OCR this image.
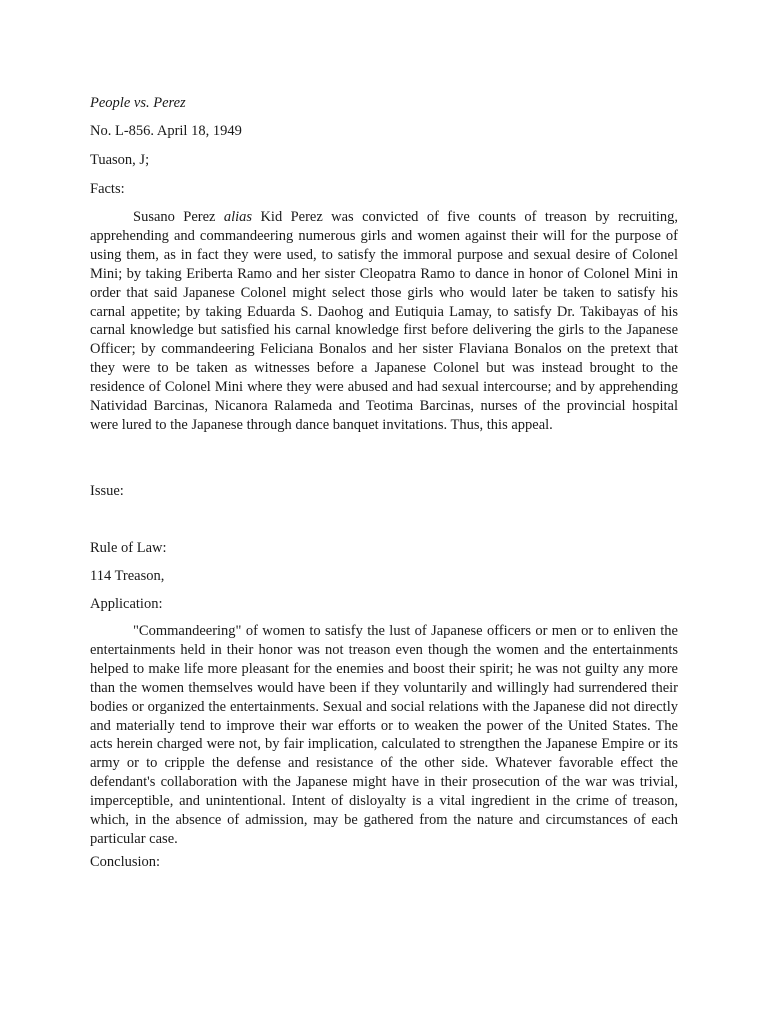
People vs. Perez
No. L-856. April 18, 1949
Tuason, J;
Facts:

Susano Perez alias Kid Perez was convicted of five counts of treason by recruiting, apprehending and commandeering numerous girls and women against their will for the purpose of using them, as in fact they were used, to satisfy the immoral purpose and sexual desire of Colonel Mini; by taking Eriberta Ramo and her sister Cleopatra Ramo to dance in honor of Colonel Mini in order that said Japanese Colonel might select those girls who would later be taken to satisfy his carnal appetite; by taking Eduarda S. Daohog and Eutiquia Lamay, to satisfy Dr. Takibayas of his carnal knowledge but satisfied his carnal knowledge first before delivering the girls to the Japanese Officer; by commandeering Feliciana Bonalos and her sister Flaviana Bonalos on the pretext that they were to be taken as witnesses before a Japanese Colonel but was instead brought to the residence of Colonel Mini where they were abused and had sexual intercourse; and by apprehending Natividad Barcinas, Nicanora Ralameda and Teotima Barcinas, nurses of the provincial hospital were lured to the Japanese through dance banquet invitations. Thus, this appeal.

Issue:
Rule of Law:
114 Treason,
Application:

"Commandeering" of women to satisfy the lust of Japanese officers or men or to enliven the entertainments held in their honor was not treason even though the women and the entertainments helped to make life more pleasant for the enemies and boost their spirit; he was not guilty any more than the women themselves would have been if they voluntarily and willingly had surrendered their bodies or organized the entertainments. Sexual and social relations with the Japanese did not directly and materially tend to improve their war efforts or to weaken the power of the United States. The acts herein charged were not, by fair implication, calculated to strengthen the Japanese Empire or its army or to cripple the defense and resistance of the other side. Whatever favorable effect the defendant's collaboration with the Japanese might have in their prosecution of the war was trivial, imperceptible, and unintentional. Intent of disloyalty is a vital ingredient in the crime of treason, which, in the absence of admission, may be gathered from the nature and circumstances of each particular case.

Conclusion:
